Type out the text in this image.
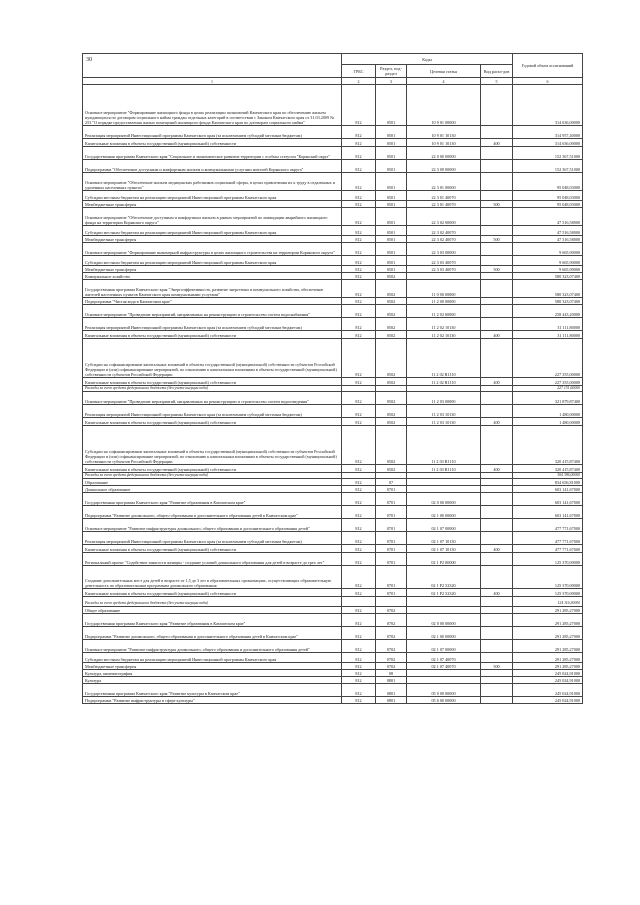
30
		Коды				Годовой объем ассигнований
	ГРБС	Раздел, под-раздел	Целевая статья	Вид расхо-дов	
1	2	3	4	5	6
Основное мероприятие "Формирование жилищного фонда в целях реализации полномочий Камчатского края по обеспечению жильем нуждающихся по договорам социального найма граждан отдельных категорий в соответствии с Законом Камчатского края от 31.03.2009 № 253 "О порядке предоставления жилых помещений жилищного фонда Камчатского края по договорам социального найма"	812	0501	10 9 01 00000		314 636,00000
Реализация мероприятий Инвестиционной программы Камчатского края (за исключением субсидий местным бюджетам)	812	0501	10 9 01 10130		314 957,40000
Капитальные вложения в объекты государственной (муниципальной) собственности	812	0501	10 9 01 10130	400	314 636,00000
Государственная программа Камчатского края "Социальное и экономическое развитие территории с особым статусом "Корякский округ"	812	0501	22 0 00 00000		152 367,51000
Подпрограмма "Обеспечение доступным и комфортным жильем и коммунальными услугами жителей Корякского округа"	812	0501	22 3 00 00000		152 367,51000
Основное мероприятие "Обеспечение жильем медицинских работников социальной сферы, в целях привлечения их к труду в отдаленных и удаленных населенных пунктах"	812	0501	22 3 01 00000		95 048,03000
Субсидии местным бюджетам на реализацию мероприятий Инвестиционной программы Камчатского края	812	0501	22 3 01 40070		95 048,03000
Межбюджетные трансферты	812	0501	22 3 01 40070	500	95 048,03000
Основное мероприятие "Обеспечение доступным и комфортным жильем в рамках мероприятий по ликвидации аварийного жилищного фонда на территории Корякского округа"	812	0501	22 3 02 00000		47 516,58000
Субсидии местным бюджетам на реализацию мероприятий Инвестиционной программы Камчатского края	812	0501	22 3 02 40070		47 516,58000
Межбюджетные трансферты	812	0501	22 3 02 40070	500	47 516,58000
Основное мероприятие "Формирование инженерной инфраструктуры в целях жилищного строительства на территории Корякского округа"	812	0501	22 3 03 00000		9 665,90000
Субсидии местным бюджетам на реализацию мероприятий Инвестиционной программы Камчатского края	812	0501	22 3 03 40070		9 665,90000
Межбюджетные трансферты	812	0501	22 3 03 40070	500	9 665,90000
Коммунальное хозяйство	812	0502			580 323,07400
Государственная программа Камчатского края "Энергоэффективность, развитие энергетики и коммунального хозяйства, обеспечение жителей населенных пунктов Камчатского края коммунальными услугами"	812	0502	11 0 00 00000		580 323,07400
Подпрограмма "Чистая вода в Камчатском крае"	812	0502	11 2 00 00000		580 323,07400
Основное мероприятие "Проведение мероприятий, направленных на реконструкцию и строительство систем водоснабжения"	812	0502	11 2 02 00000		258 443,20000
Реализация мероприятий Инвестиционной программы Камчатского края (за исключением субсидий местным бюджетам)	812	0502	11 2 02 10130		31 111,80000
Капитальные вложения в объекты государственной (муниципальной) собственности	812	0502	11 2 02 10130	400	31 111,80000
Субсидии на софинансирование капитальных вложений в объекты государственной (муниципальной) собственности субъектов Российской Федерации и (или) софинансирование мероприятий, по отношению к капитальным вложениям в объекты государственной (муниципальной) собственности субъектов Российской Федерации	812	0502	11 2 02 R1110		227 355,00000
Капитальные вложения в объекты государственной (муниципальной) собственности	812	0502	11 2 02 R1110	400	227 355,00000
Расходы за счет средств федерального бюджета (без учета инерции кода)					227 151,60000
Основное мероприятие "Проведение мероприятий, направленных на реконструкцию и строительство систем водоотведения"	812	0502	11 2 03 00000		321 879,87400
Реализация мероприятий Инвестиционной программы Камчатского края (за исключением субсидий местным бюджетам)	812	0502	11 2 03 10130		1 480,00000
Капитальные вложения в объекты государственной (муниципальной) собственности	812	0502	11 2 03 10130	400	1 480,00000
Субсидии на софинансирование капитальных вложений в объекты государственной (муниципальной) собственности субъектов Российской Федерации и (или) софинансирование мероприятий, по отношению к капитальным вложениям в объекты государственной (муниципальной) собственности субъектов Российской Федерации	812	0502	11 2 03 R1110		320 415,87400
Капитальные вложения в объекты государственной (муниципальной) собственности	812	0502	11 2 03 R1110	400	320 415,87400
Расходы за счет средств федерального бюджета (без учета инерции кода)					304 396,00000
Образование	812	07			834 656,81000
Дошкольное образование	812	0701			603 141,67000
Государственная программа Камчатского края "Развитие образования в Камчатском крае"	812	0701	02 0 00 00000		603 141,67000
Подпрограмма "Развитие дошкольного, общего образования и дополнительного образования детей в Камчатском крае"	812	0701	02 1 00 00000		603 141,67000
Основное мероприятие "Развитие инфраструктуры дошкольного, общего образования и дополнительного образования детей"	812	0701	02 1 07 00000		477 771,67000
Реализация мероприятий Инвестиционной программы Камчатского края (за исключением субсидий местным бюджетам)	812	0701	02 1 07 10130		477 771,67000
Капитальные вложения в объекты государственной (муниципальной) собственности	812	0701	02 1 07 10130	400	477 771,67000
Региональный проект "Содействие занятости женщин - создание условий дошкольного образования для детей в возрасте до трех лет"	812	0701	02 1 P2 00000		125 370,00000
Создание дополнительных мест для детей в возрасте от 1,5 до 3 лет в образовательных организациях, осуществляющих образовательную деятельность по образовательным программам дошкольного образования	812	0701	02 1 P2 52320		125 370,00000
Капитальные вложения в объекты государственной (муниципальной) собственности	812	0701	02 1 P2 52320	400	125 370,00000
Расходы за счет средств федерального бюджета (без учета инерции кода)					124 116,30000
Общее образование	812	0702			291 285,27000
Государственная программа Камчатского края "Развитие образования в Камчатском крае"	812	0702	02 0 00 00000		291 285,27000
Подпрограмма "Развитие дошкольного, общего образования и дополнительного образования детей в Камчатском крае"	812	0702	02 1 00 00000		291 285,27000
Основное мероприятие "Развитие инфраструктуры дошкольного, общего образования и дополнительного образования детей"	812	0702	02 1 07 00000		291 285,27000
Субсидии местным бюджетам на реализацию мероприятий Инвестиционной программы Камчатского края	812	0702	02 1 07 40070		291 285,27000
Межбюджетные трансферты	812	0702	02 1 07 40070	500	291 285,27000
Культура, кинематография	812	08			245 024,91000
Культура	812	0801			245 024,91000
Государственная программа Камчатского края "Развитие культуры в Камчатском крае"	812	0801	05 0 00 00000		245 024,91000
Подпрограмма "Развитие инфраструктуры в сфере культуры"	812	0801	05 6 00 00000		245 024,91000
